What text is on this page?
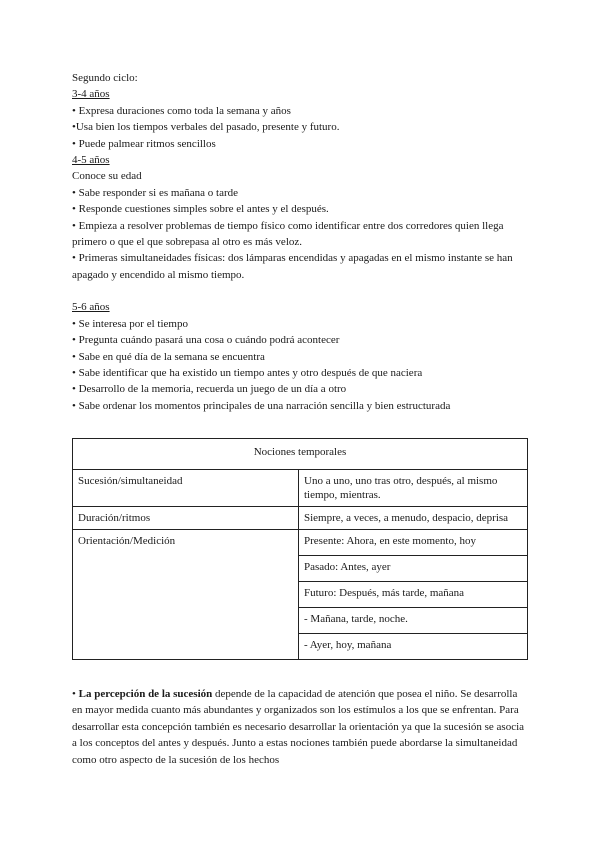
Segundo ciclo:
3-4 años
• Expresa duraciones como toda la semana y años
•Usa bien los tiempos verbales del pasado, presente y futuro.
• Puede palmear ritmos sencillos
4-5 años
Conoce su edad
• Sabe responder si es mañana o tarde
• Responde cuestiones simples sobre el antes y el después.
• Empieza a resolver problemas de tiempo físico como identificar entre dos corredores quien llega primero o que el que sobrepasa al otro es más veloz.
• Primeras simultaneidades físicas: dos lámparas encendidas y apagadas en el mismo instante se han apagado y encendido al mismo tiempo.
5-6 años
• Se interesa por el tiempo
• Pregunta cuándo pasará una cosa o cuándo podrá acontecer
• Sabe en qué día de la semana se encuentra
• Sabe identificar que ha existido un tiempo antes y otro después de que naciera
• Desarrollo de la memoria, recuerda un juego de un día a otro
• Sabe ordenar los momentos principales de una narración sencilla y bien estructurada
Nociones temporales	
Sucesión/simultaneidad	Uno a uno, uno tras otro, después, al mismo tiempo, mientras.
Duración/ritmos	Siempre, a veces, a menudo, despacio, deprisa
Orientación/Medición	Presente: Ahora, en este momento, hoy
	Pasado: Antes, ayer
	Futuro: Después, más tarde, mañana
	- Mañana, tarde, noche.
	- Ayer, hoy, mañana
• La percepción de la sucesión depende de la capacidad de atención que posea el niño. Se desarrolla en mayor medida cuanto más abundantes y organizados son los estímulos a los que se enfrentan. Para desarrollar esta concepción también es necesario desarrollar la orientación ya que la sucesión se asocia a los conceptos del antes y después. Junto a estas nociones también puede abordarse la simultaneidad como otro aspecto de la sucesión de los hechos
